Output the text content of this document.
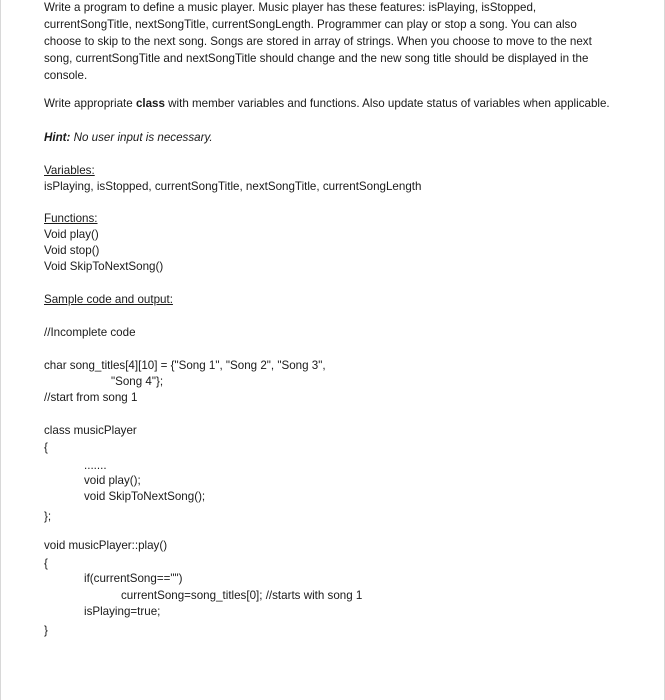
Write a program to define a music player. Music player has these features: isPlaying, isStopped,

currentSongTitle, nextSongTitle, currentSongLength. Programmer can play or stop a song. You can also

choose to skip to the next song. Songs are stored in array of strings. When you choose to move to the next

song, currentSongTitle and nextSongTitle should change and the new song title should be displayed in the

console.

Write appropriate class with member variables and functions. Also update status of variables when applicable.

Hint: No user input is necessary.

Variables:

isPlaying, isStopped, currentSongTitle, nextSongTitle, currentSongLength

Functions:

Void play()

Void stop()

Void SkipToNextSong()

Sample code and output:

//Incomplete code

char song_titles[4][10] = {"Song 1", "Song 2", "Song 3",

"Song 4"};

//start from song 1

class musicPlayer

{

.......

void play();

void SkipToNextSong();

};

void musicPlayer::play()

{

if(currentSong=="")

currentSong=song_titles[0]; //starts with song 1

isPlaying=true;

}
